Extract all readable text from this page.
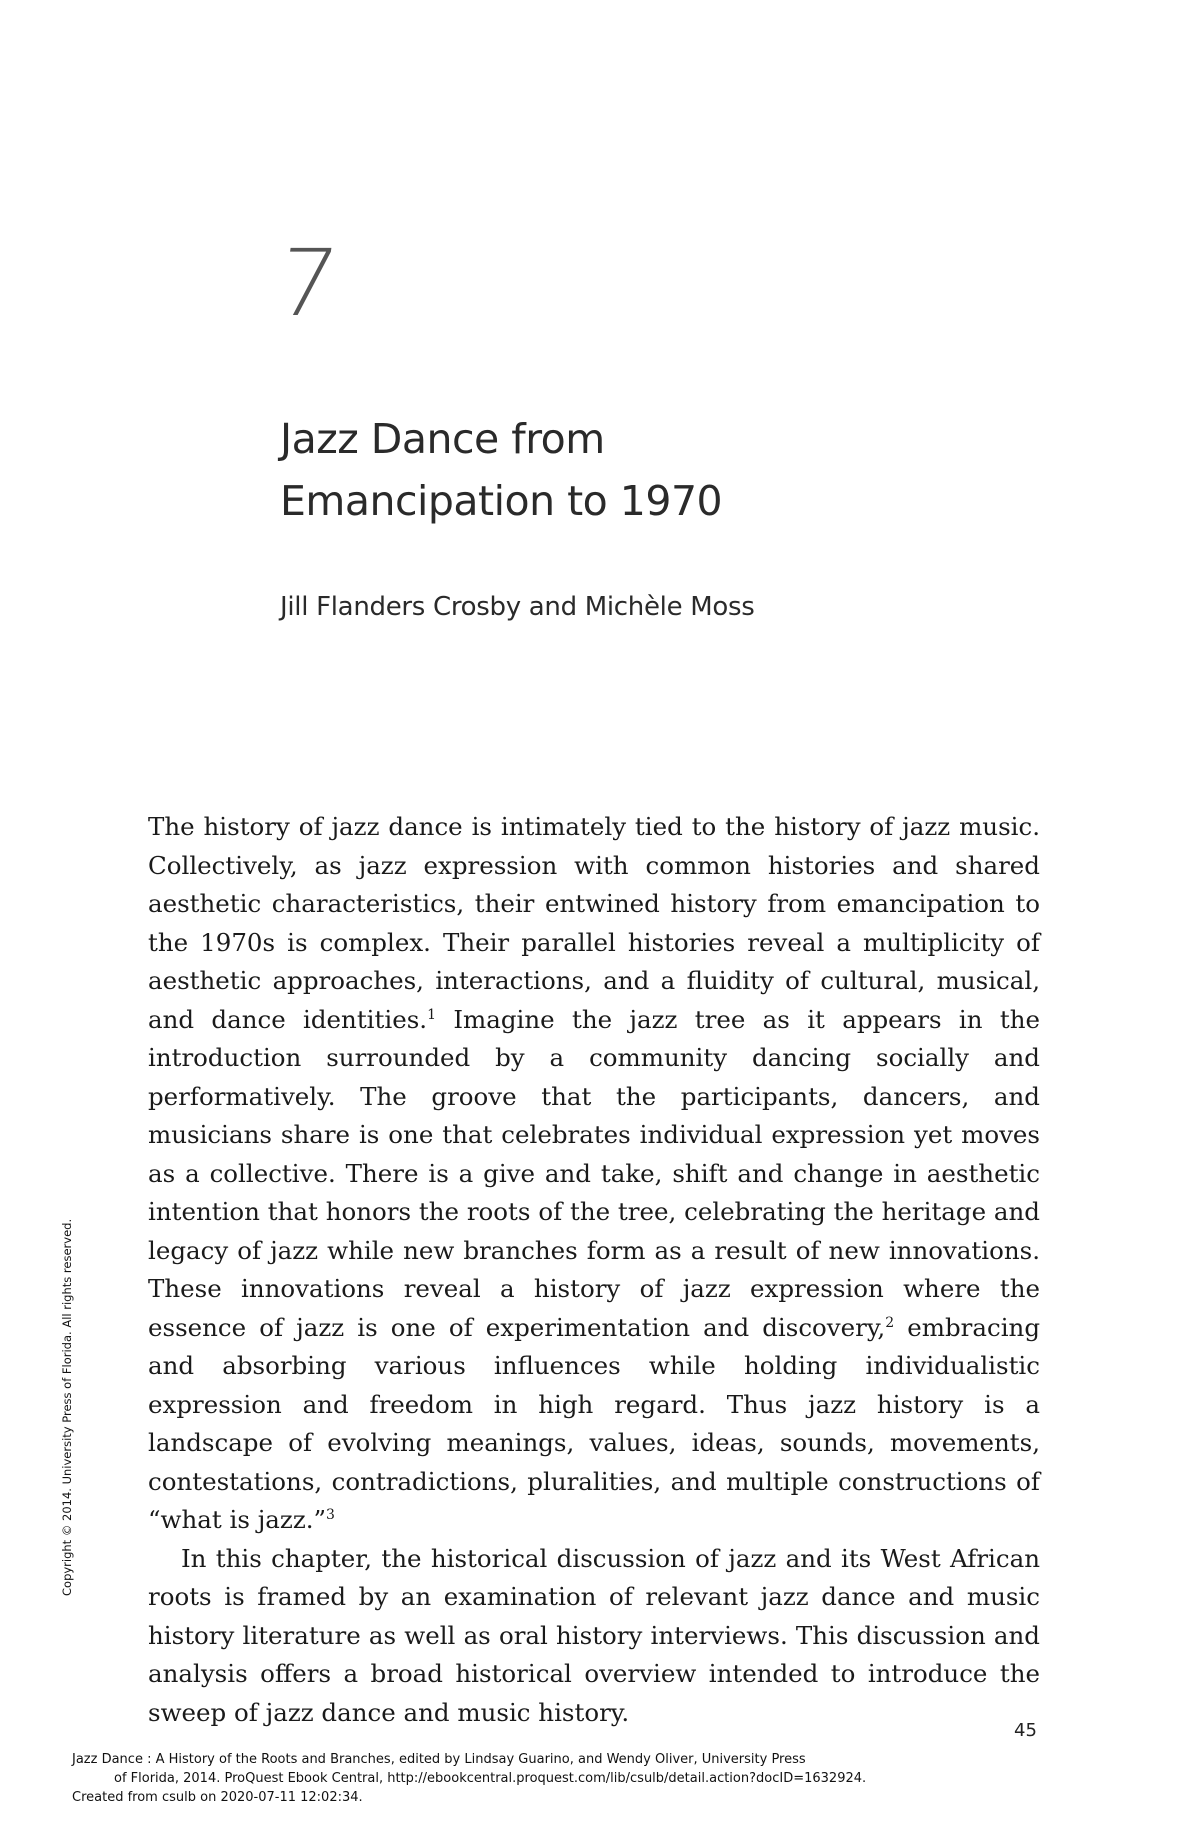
7
Jazz Dance from
Emancipation to 1970
Jill Flanders Crosby and Michèle Moss

The history of jazz dance is intimately tied to the history of jazz music. Collectively, as jazz expression with common histories and shared aesthetic characteristics, their entwined history from emancipation to the 1970s is complex. Their parallel histories reveal a multiplicity of aesthetic approaches, interactions, and a fluidity of cultural, musical, and dance identities.$^1$ Imagine the jazz tree as it appears in the introduction surrounded by a community dancing socially and performatively. The groove that the participants, dancers, and musicians share is one that celebrates individual expression yet moves as a collective. There is a give and take, shift and change in aesthetic intention that honors the roots of the tree, celebrating the heritage and legacy of jazz while new branches form as a result of new innovations. These innovations reveal a history of jazz expression where the essence of jazz is one of experimentation and discovery,$^2$ embracing and absorbing various influences while holding individualistic expression and freedom in high regard. Thus jazz history is a landscape of evolving meanings, values, ideas, sounds, movements, contestations, contradictions, pluralities, and multiple constructions of “what is jazz.”$^3$

In this chapter, the historical discussion of jazz and its West African roots is framed by an examination of relevant jazz dance and music history literature as well as oral history interviews. This discussion and analysis offers a broad historical overview intended to introduce the sweep of jazz dance and music history.

Copyright © 2014. University Press of Florida. All rights reserved.
45
Jazz Dance : A History of the Roots and Branches, edited by Lindsay Guarino, and Wendy Oliver, University Press
of Florida, 2014. ProQuest Ebook Central, http://ebookcentral.proquest.com/lib/csulb/detail.action?docID=1632924.
Created from csulb on 2020-07-11 12:02:34.
